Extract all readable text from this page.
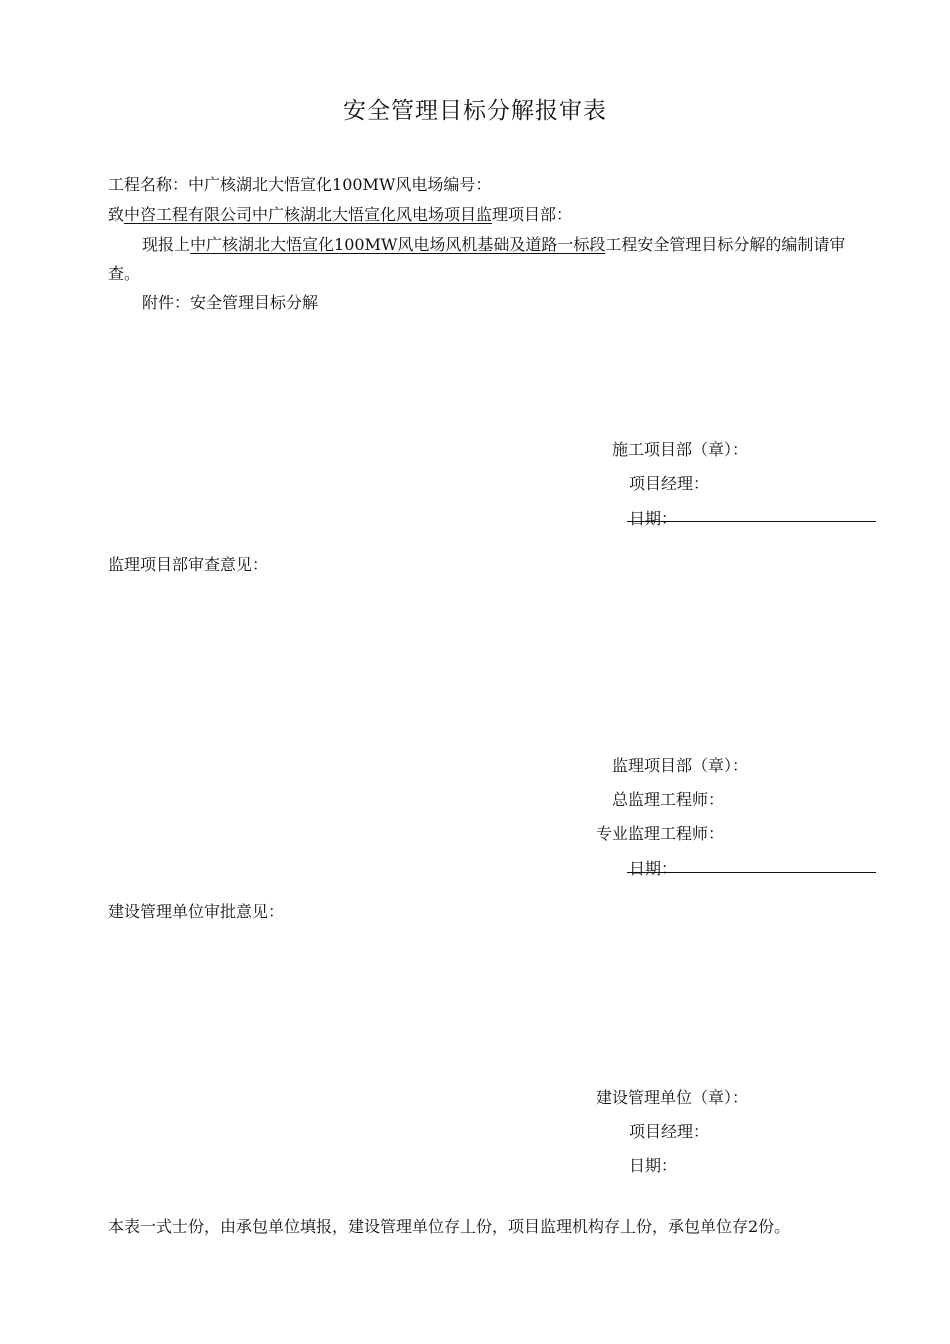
安全管理目标分解报审表
工程名称：中广核湖北大悟宣化100MW风电场编号：
致中咨工程有限公司中广核湖北大悟宣化风电场项目监理项目部：
现报上中广核湖北大悟宣化100MW风电场风机基础及道路一标段工程安全管理目标分解的编制请审
查。
附件：安全管理目标分解
施工项目部（章）：
项目经理：
日期：
监理项目部审查意见：
监理项目部（章）：
总监理工程师：
专业监理工程师：
日期：
建设管理单位审批意见：
建设管理单位（章）：
项目经理：
日期：
本表一式士份，由承包单位填报，建设管理单位存丄份，项目监理机构存丄份，承包单位存2份。
